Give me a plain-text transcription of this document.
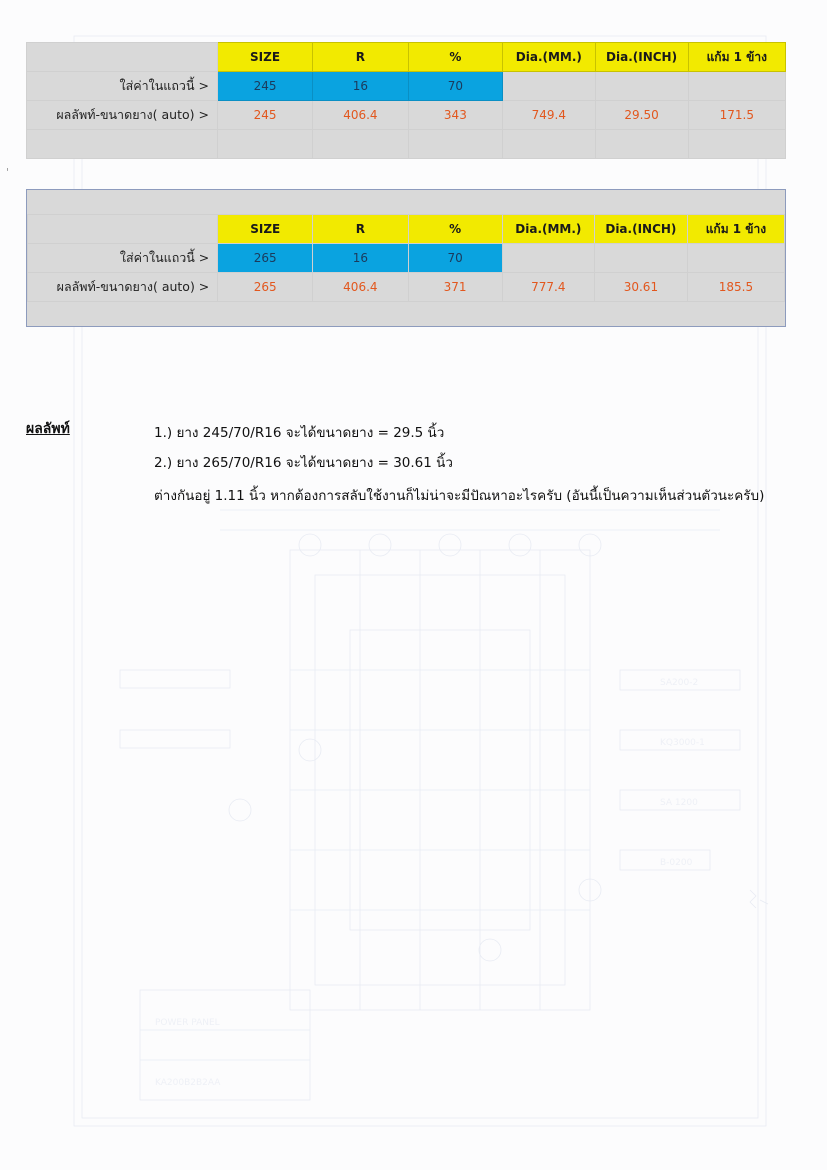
SA200-2
KQ3000-1
SA 1200
B-0200
KA200B2B2AA
POWER PANEL
'
	SIZE	R	%	Dia.(MM.)	Dia.(INCH)	แก้ม 1 ข้าง
ใส่ค่าในแถวนี้ >	245	16	70			
ผลลัพท์-ขนาดยาง( auto) >	245	406.4	343	749.4	29.50	171.5

	SIZE	R	%	Dia.(MM.)	Dia.(INCH)	แก้ม 1 ข้าง
ใส่ค่าในแถวนี้ >	265	16	70			
ผลลัพท์-ขนาดยาง( auto) >	265	406.4	371	777.4	30.61	185.5
ผลลัพท์	1.) ยาง 245/70/R16 จะได้ขนาดยาง = 29.5 นิ้ว
2.) ยาง 265/70/R16 จะได้ขนาดยาง = 30.61 นิ้ว
ต่างกันอยู่ 1.11 นิ้ว หากต้องการสลับใช้งานก็ไม่น่าจะมีปัณหาอะไรครับ (อันนี้เป็นความเห็นส่วนตัวนะครับ)
